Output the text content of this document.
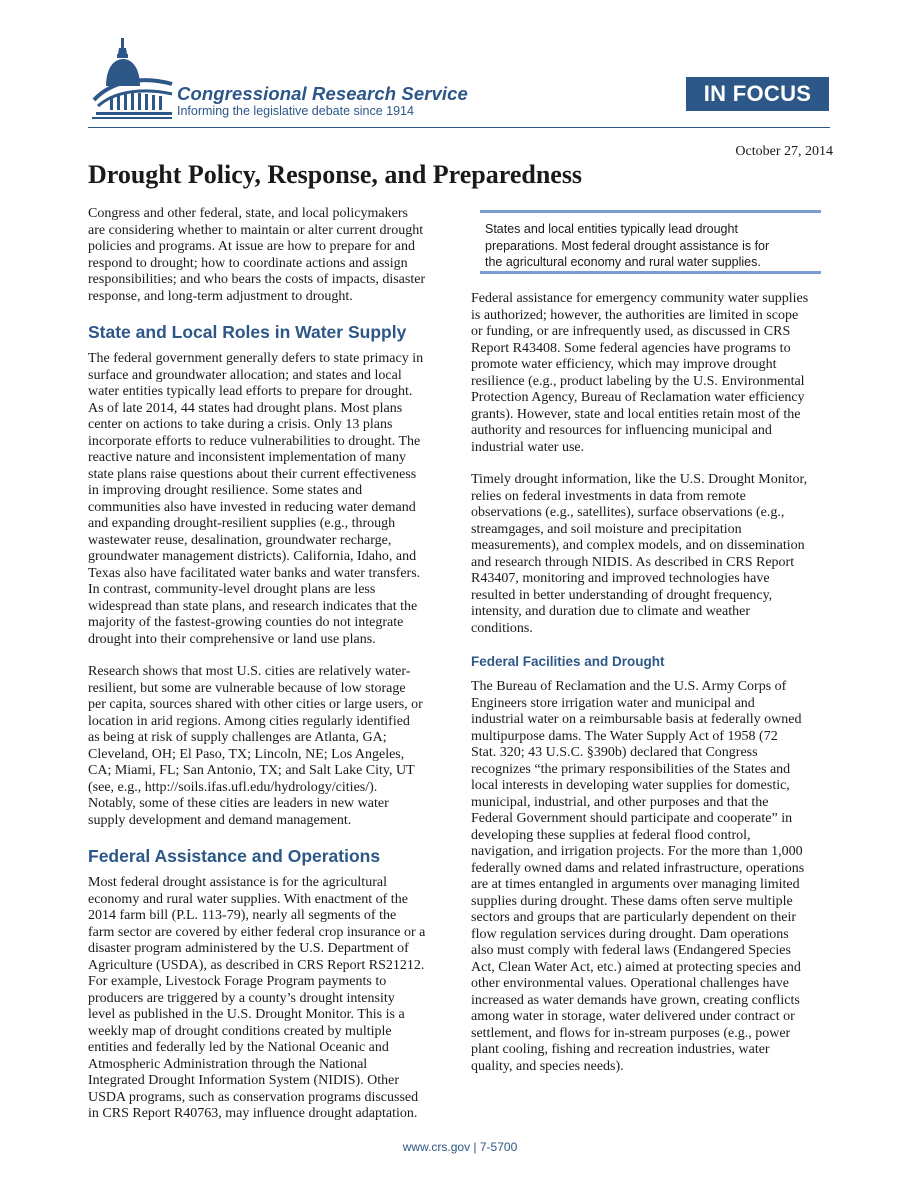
Congressional Research Service
Informing the legislative debate since 1914
IN FOCUS
October 27, 2014
Drought Policy, Response, and Preparedness

Congress and other federal, state, and local policymakers
are considering whether to maintain or alter current drought
policies and programs. At issue are how to prepare for and
respond to drought; how to coordinate actions and assign
responsibilities; and who bears the costs of impacts, disaster
response, and long-term adjustment to drought.

State and Local Roles in Water Supply

The federal government generally defers to state primacy in
surface and groundwater allocation; and states and local
water entities typically lead efforts to prepare for drought.
As of late 2014, 44 states had drought plans. Most plans
center on actions to take during a crisis. Only 13 plans
incorporate efforts to reduce vulnerabilities to drought. The
reactive nature and inconsistent implementation of many
state plans raise questions about their current effectiveness
in improving drought resilience. Some states and
communities also have invested in reducing water demand
and expanding drought-resilient supplies (e.g., through
wastewater reuse, desalination, groundwater recharge,
groundwater management districts). California, Idaho, and
Texas also have facilitated water banks and water transfers.
In contrast, community-level drought plans are less
widespread than state plans, and research indicates that the
majority of the fastest-growing counties do not integrate
drought into their comprehensive or land use plans.

Research shows that most U.S. cities are relatively water-
resilient, but some are vulnerable because of low storage
per capita, sources shared with other cities or large users, or
location in arid regions. Among cities regularly identified
as being at risk of supply challenges are Atlanta, GA;
Cleveland, OH; El Paso, TX; Lincoln, NE; Los Angeles,
CA; Miami, FL; San Antonio, TX; and Salt Lake City, UT
(see, e.g., http://soils.ifas.ufl.edu/hydrology/cities/).
Notably, some of these cities are leaders in new water
supply development and demand management.

Federal Assistance and Operations

Most federal drought assistance is for the agricultural
economy and rural water supplies. With enactment of the
2014 farm bill (P.L. 113-79), nearly all segments of the
farm sector are covered by either federal crop insurance or a
disaster program administered by the U.S. Department of
Agriculture (USDA), as described in CRS Report RS21212.
For example, Livestock Forage Program payments to
producers are triggered by a county’s drought intensity
level as published in the U.S. Drought Monitor. This is a
weekly map of drought conditions created by multiple
entities and federally led by the National Oceanic and
Atmospheric Administration through the National
Integrated Drought Information System (NIDIS). Other
USDA programs, such as conservation programs discussed
in CRS Report R40763, may influence drought adaptation.

States and local entities typically lead drought
preparations. Most federal drought assistance is for
the agricultural economy and rural water supplies.

Federal assistance for emergency community water supplies
is authorized; however, the authorities are limited in scope
or funding, or are infrequently used, as discussed in CRS
Report R43408. Some federal agencies have programs to
promote water efficiency, which may improve drought
resilience (e.g., product labeling by the U.S. Environmental
Protection Agency, Bureau of Reclamation water efficiency
grants). However, state and local entities retain most of the
authority and resources for influencing municipal and
industrial water use.

Timely drought information, like the U.S. Drought Monitor,
relies on federal investments in data from remote
observations (e.g., satellites), surface observations (e.g.,
streamgages, and soil moisture and precipitation
measurements), and complex models, and on dissemination
and research through NIDIS. As described in CRS Report
R43407, monitoring and improved technologies have
resulted in better understanding of drought frequency,
intensity, and duration due to climate and weather
conditions.

Federal Facilities and Drought

The Bureau of Reclamation and the U.S. Army Corps of
Engineers store irrigation water and municipal and
industrial water on a reimbursable basis at federally owned
multipurpose dams. The Water Supply Act of 1958 (72
Stat. 320; 43 U.S.C. §390b) declared that Congress
recognizes “the primary responsibilities of the States and
local interests in developing water supplies for domestic,
municipal, industrial, and other purposes and that the
Federal Government should participate and cooperate” in
developing these supplies at federal flood control,
navigation, and irrigation projects. For the more than 1,000
federally owned dams and related infrastructure, operations
are at times entangled in arguments over managing limited
supplies during drought. These dams often serve multiple
sectors and groups that are particularly dependent on their
flow regulation services during drought. Dam operations
also must comply with federal laws (Endangered Species
Act, Clean Water Act, etc.) aimed at protecting species and
other environmental values. Operational challenges have
increased as water demands have grown, creating conflicts
among water in storage, water delivered under contract or
settlement, and flows for in-stream purposes (e.g., power
plant cooling, fishing and recreation industries, water
quality, and species needs).

www.crs.gov | 7-5700
